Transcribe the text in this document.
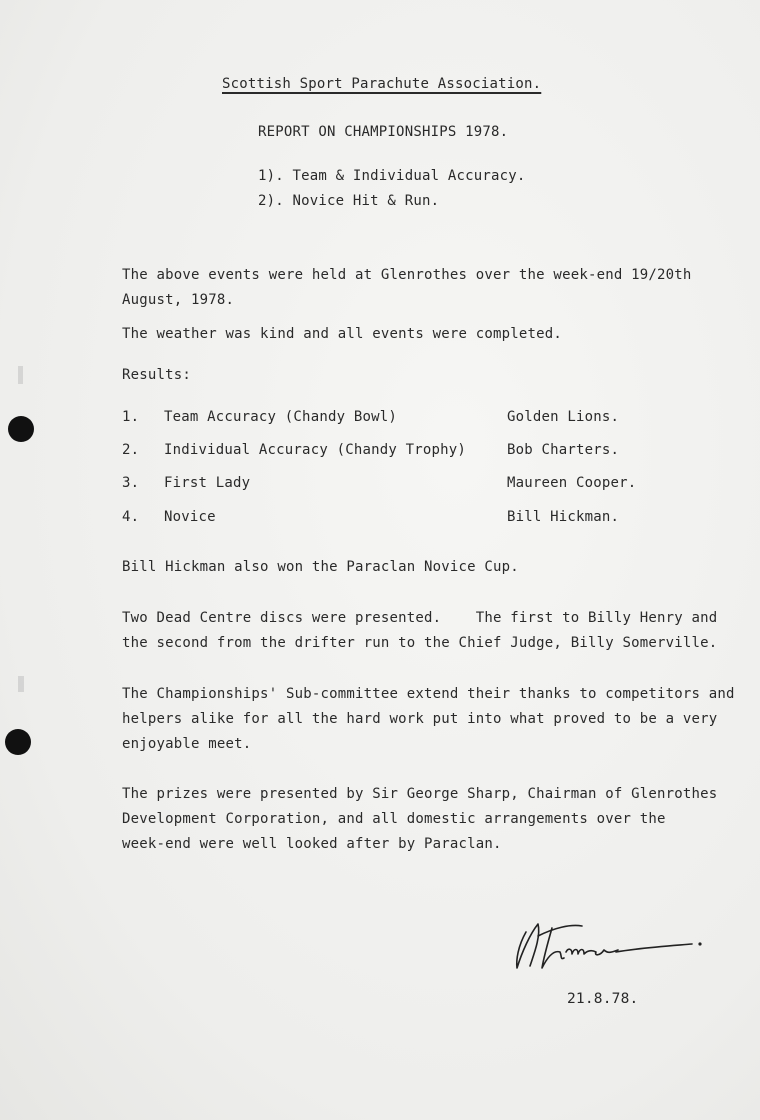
Scottish Sport Parachute Association.
REPORT ON CHAMPIONSHIPS 1978.
1). Team & Individual Accuracy.
2). Novice Hit & Run.
The above events were held at Glenrothes over the week-end 19/20th
August, 1978.
The weather was kind and all events were completed.
Results:
1. Team Accuracy (Chandy Bowl)	Golden Lions.
2. Individual Accuracy (Chandy Trophy)	Bob Charters.
3. First Lady	Maureen Cooper.
4. Novice	Bill Hickman.
Bill Hickman also won the Paraclan Novice Cup.
Two Dead Centre discs were presented.    The first to Billy Henry and
the second from the drifter run to the Chief Judge, Billy Somerville.
The Championships' Sub-committee extend their thanks to competitors and
helpers alike for all the hard work put into what proved to be a very
enjoyable meet.
The prizes were presented by Sir George Sharp, Chairman of Glenrothes
Development Corporation, and all domestic arrangements over the
week-end were well looked after by Paraclan.
21.8.78.
